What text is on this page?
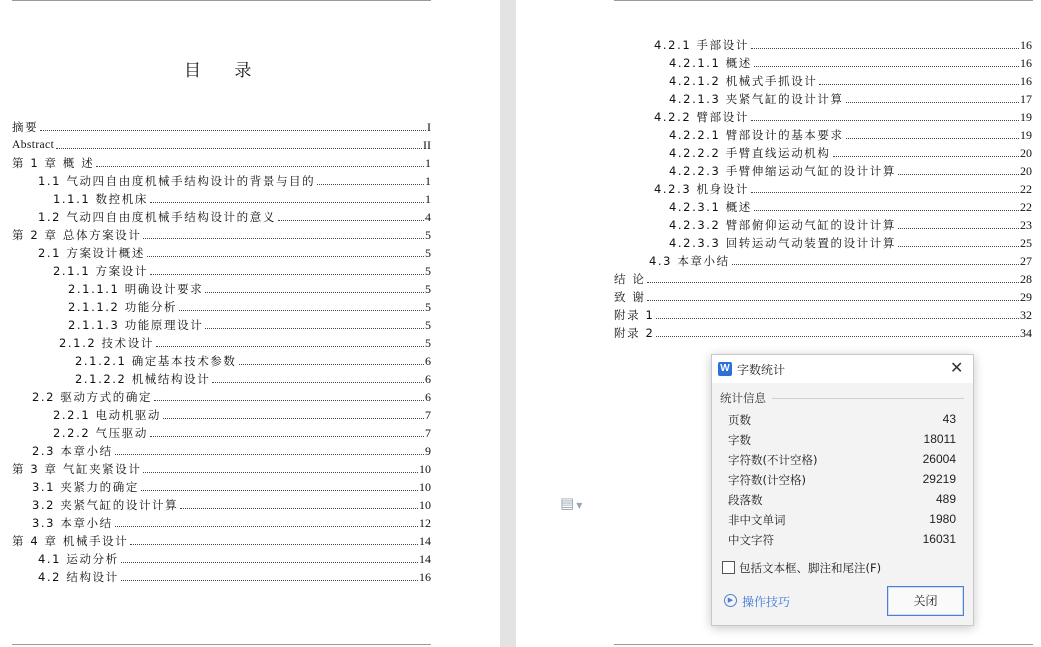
目 录
摘要	I
Abstract	II
第 1 章 概 述	1
1.1 气动四自由度机械手结构设计的背景与目的	1
1.1.1 数控机床	1
1.2 气动四自由度机械手结构设计的意义	4
第 2 章 总体方案设计	5
2.1 方案设计概述	5
2.1.1 方案设计	5
2.1.1.1 明确设计要求	5
2.1.1.2 功能分析	5
2.1.1.3 功能原理设计	5
2.1.2 技术设计	5
2.1.2.1 确定基本技术参数	6
2.1.2.2 机械结构设计	6
2.2 驱动方式的确定	6
2.2.1 电动机驱动	7
2.2.2 气压驱动	7
2.3 本章小结	9
第 3 章 气缸夹紧设计	10
3.1 夹紧力的确定	10
3.2 夹紧气缸的设计计算	10
3.3 本章小结	12
第 4 章 机械手设计	14
4.1 运动分析	14
4.2 结构设计	16
4.2.1 手部设计	16
4.2.1.1 概述	16
4.2.1.2 机械式手抓设计	16
4.2.1.3 夹紧气缸的设计计算	17
4.2.2 臂部设计	19
4.2.2.1 臂部设计的基本要求	19
4.2.2.2 手臂直线运动机构	20
4.2.2.3 手臂伸缩运动气缸的设计计算	20
4.2.3 机身设计	22
4.2.3.1 概述	22
4.2.3.2 臂部俯仰运动气缸的设计计算	23
4.2.3.3 回转运动气动装置的设计计算	25
4.3 本章小结	27
结 论	28
致 谢	29
附录 1	32
附录 2	34
▤ ▼
W 字数统计	✕
统计信息
页数	43
字数	18011
字符数(不计空格)	26004
字符数(计空格)	29219
段落数	489
非中文单词	1980
中文字符	16031
包括文本框、脚注和尾注(F)
▶ 操作技巧	关闭
